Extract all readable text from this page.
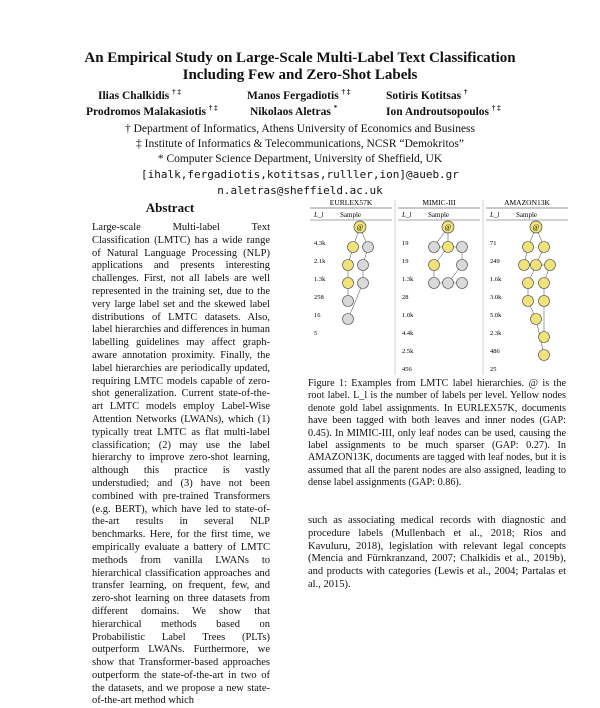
An Empirical Study on Large-Scale Multi-Label Text Classification
Including Few and Zero-Shot Labels
Ilias Chalkidis † ‡	Manos Fergadiotis † ‡	Sotiris Kotitsas †
Prodromos Malakasiotis † ‡	Nikolaos Aletras *	Ion Androutsopoulos † ‡
† Department of Informatics, Athens University of Economics and Business
‡ Institute of Informatics & Telecommunications, NCSR “Demokritos”
* Computer Science Department, University of Sheffield, UK
[ihalk,fergadiotis,kotitsas,rulller,ion]@aueb.gr
n.aletras@sheffield.ac.uk
Abstract

Large-scale Multi-label Text Classification (LMTC) has a wide range of Natural Language Processing (NLP) applications and presents interesting challenges. First, not all labels are well represented in the training set, due to the very large label set and the skewed label distributions of LMTC datasets. Also, label hierarchies and differences in human labelling guidelines may affect graph-aware annotation proximity. Finally, the label hierarchies are periodically updated, requiring LMTC models capable of zero-shot generalization. Current state-of-the-art LMTC models employ Label-Wise Attention Networks (LWANs), which (1) typically treat LMTC as flat multi-label classification; (2) may use the label hierarchy to improve zero-shot learning, although this practice is vastly understudied; and (3) have not been combined with pre-trained Transformers (e.g. BERT), which have led to state-of-the-art results in several NLP benchmarks. Here, for the first time, we empirically evaluate a battery of LMTC methods from vanilla LWANs to hierarchical classification approaches and transfer learning, on frequent, few, and zero-shot learning on three datasets from different domains. We show that hierarchical methods based on Probabilistic Label Trees (PLTs) outperform LWANs. Furthermore, we show that Transformer-based approaches outperform the state-of-the-art in two of the datasets, and we propose a new state-of-the-art method which

EURLEX57K
L_l Sample
4.3k
2.1k
1.3k
258
16
5
@
MIMIC-III
L_l Sample
19
19
1.3k
28
1.0k
4.4k
2.5k
456
@
AMAZON13K
L_l Sample
71
249
1.6k
3.0k
5.0k
2.3k
486
25
@
Figure 1: Examples from LMTC label hierarchies. @ is the root label. L_l is the number of labels per level. Yellow nodes denote gold label assignments. In EURLEX57K, documents have been tagged with both leaves and inner nodes (GAP: 0.45). In MIMIC-III, only leaf nodes can be used, causing the label assignments to be much sparser (GAP: 0.27). In AMAZON13K, documents are tagged with leaf nodes, but it is assumed that all the parent nodes are also assigned, leading to dense label assignments (GAP: 0.86).
such as associating medical records with diagnostic and procedure labels (Mullenbach et al., 2018; Rios and Kavuluru, 2018), legislation with relevant legal concepts (Mencia and Fürnkranzand, 2007; Chalkidis et al., 2019b), and products with categories (Lewis et al., 2004; Partalas et al., 2015).
